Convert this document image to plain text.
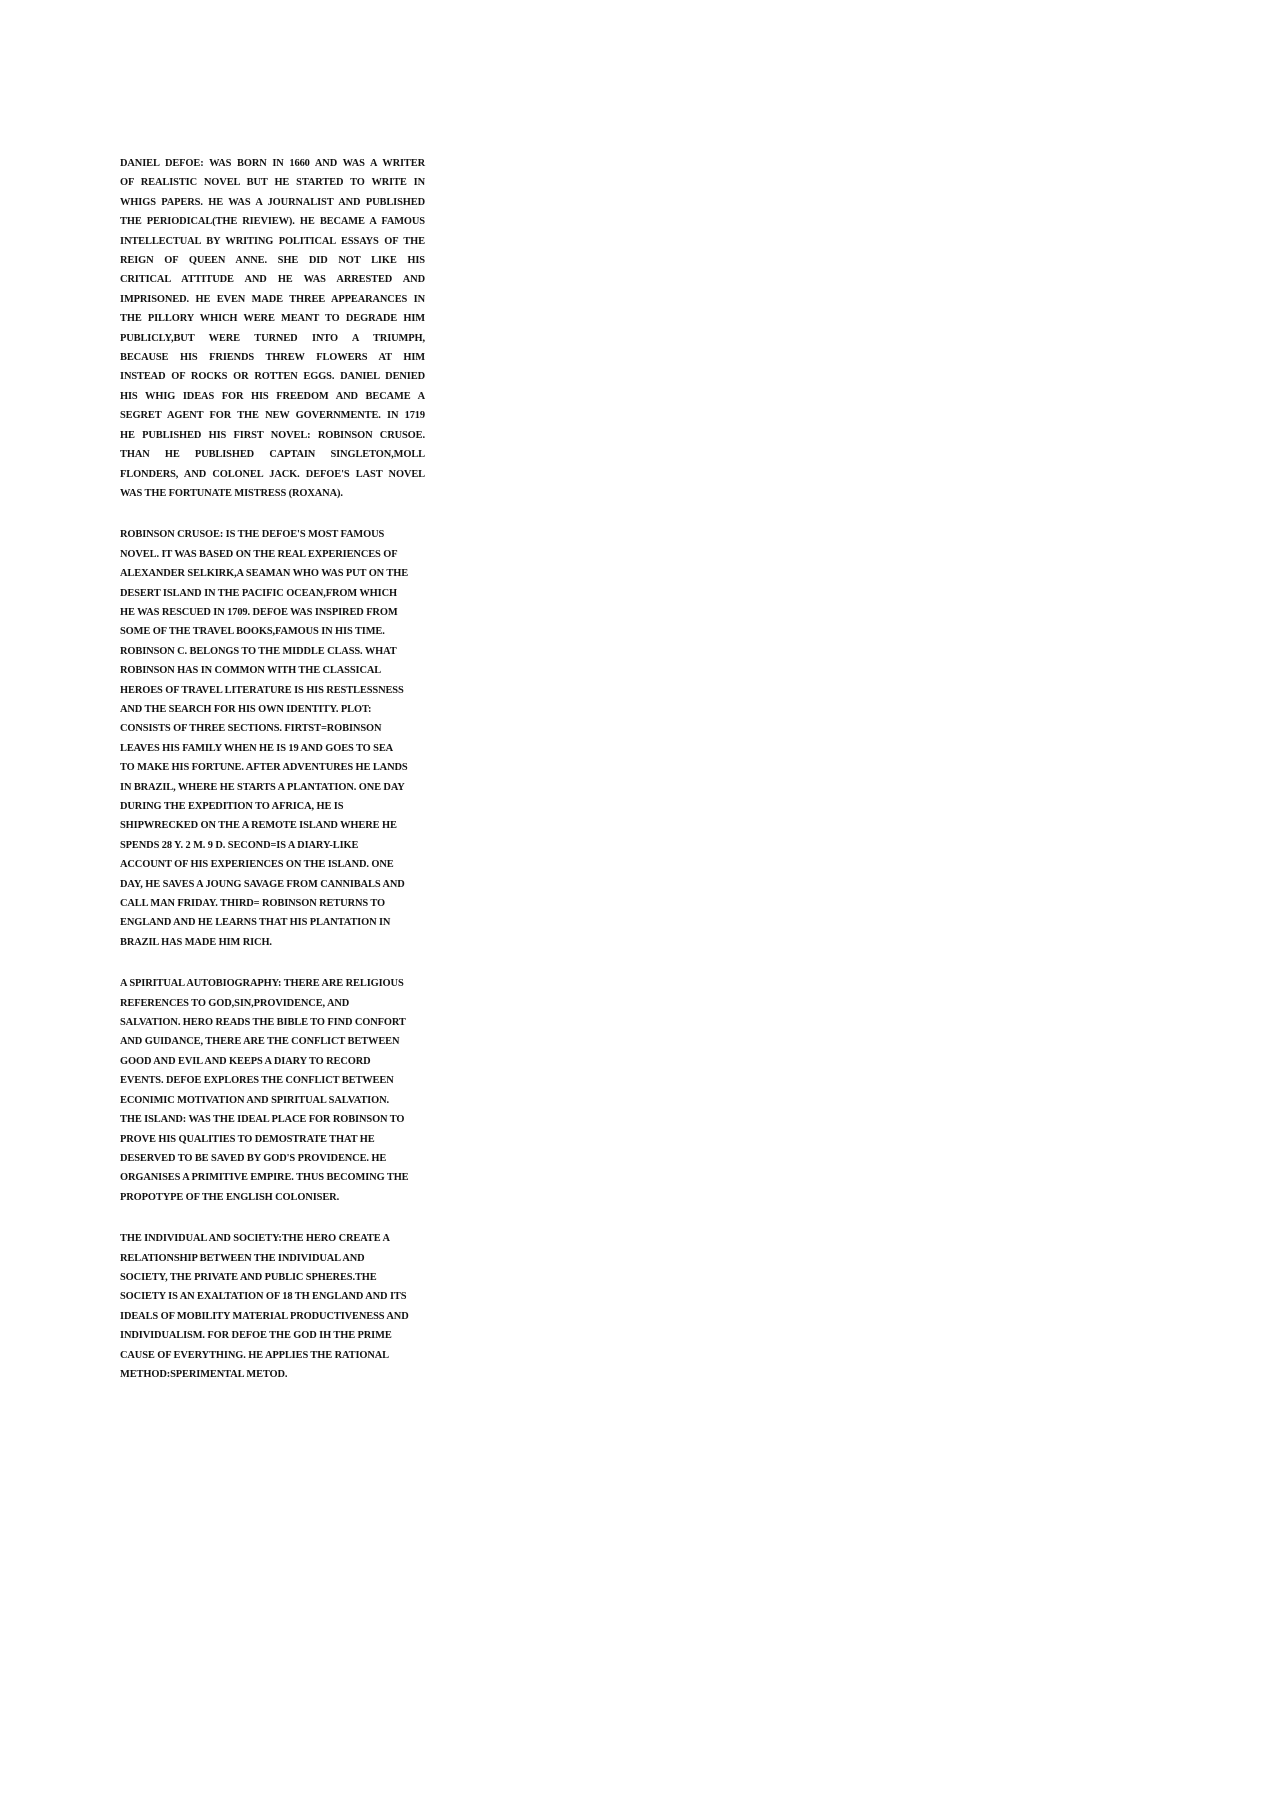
DANIEL DEFOE: WAS BORN IN 1660 AND WAS A WRITER
OF REALISTIC NOVEL BUT HE STARTED TO WRITE IN
WHIGS PAPERS. HE WAS A JOURNALIST AND PUBLISHED
THE PERIODICAL(THE RIEVIEW). HE BECAME A FAMOUS
INTELLECTUAL BY WRITING POLITICAL ESSAYS OF THE
REIGN OF QUEEN ANNE. SHE DID NOT LIKE HIS
CRITICAL ATTITUDE AND HE WAS ARRESTED AND
IMPRISONED. HE EVEN MADE THREE APPEARANCES IN
THE PILLORY WHICH WERE MEANT TO DEGRADE HIM
PUBLICLY,BUT WERE TURNED INTO A TRIUMPH,
BECAUSE HIS FRIENDS THREW FLOWERS AT HIM
INSTEAD OF ROCKS OR ROTTEN EGGS. DANIEL DENIED
HIS WHIG IDEAS FOR HIS FREEDOM AND BECAME A
SEGRET AGENT FOR THE NEW GOVERNMENTE. IN 1719
HE PUBLISHED HIS FIRST NOVEL: ROBINSON CRUSOE.
THAN HE PUBLISHED CAPTAIN SINGLETON,MOLL
FLONDERS, AND COLONEL JACK. DEFOE'S LAST NOVEL
WAS THE FORTUNATE MISTRESS (ROXANA).
ROBINSON CRUSOE: IS THE DEFOE'S MOST FAMOUS
NOVEL. IT WAS BASED ON THE REAL EXPERIENCES OF
ALEXANDER SELKIRK,A SEAMAN WHO WAS PUT ON THE
DESERT ISLAND IN THE PACIFIC OCEAN,FROM WHICH
HE WAS RESCUED IN 1709. DEFOE WAS INSPIRED FROM
SOME OF THE TRAVEL BOOKS,FAMOUS IN HIS TIME.
ROBINSON C. BELONGS TO THE MIDDLE CLASS. WHAT
ROBINSON HAS IN COMMON WITH THE CLASSICAL
HEROES OF TRAVEL LITERATURE IS HIS RESTLESSNESS
AND THE SEARCH FOR HIS OWN IDENTITY. PLOT:
CONSISTS OF THREE SECTIONS. FIRTST=ROBINSON
LEAVES HIS FAMILY WHEN HE IS 19 AND GOES TO SEA
TO MAKE HIS FORTUNE. AFTER ADVENTURES HE LANDS
IN BRAZIL, WHERE HE STARTS A PLANTATION. ONE DAY
DURING THE EXPEDITION TO AFRICA, HE IS
SHIPWRECKED ON THE A REMOTE ISLAND WHERE HE
SPENDS 28 Y. 2 M. 9 D. SECOND=IS A DIARY-LIKE
ACCOUNT OF HIS EXPERIENCES ON THE ISLAND. ONE
DAY, HE SAVES A JOUNG SAVAGE FROM CANNIBALS AND
CALL MAN FRIDAY. THIRD= ROBINSON RETURNS TO
ENGLAND AND HE LEARNS THAT HIS PLANTATION IN
BRAZIL HAS MADE HIM RICH.
A SPIRITUAL AUTOBIOGRAPHY: THERE ARE RELIGIOUS
REFERENCES TO GOD,SIN,PROVIDENCE, AND
SALVATION. HERO READS THE BIBLE TO FIND CONFORT
AND GUIDANCE, THERE ARE THE CONFLICT BETWEEN
GOOD AND EVIL AND KEEPS A DIARY TO RECORD
EVENTS. DEFOE EXPLORES THE CONFLICT BETWEEN
ECONIMIC MOTIVATION AND SPIRITUAL SALVATION.
THE ISLAND: WAS THE IDEAL PLACE FOR ROBINSON TO
PROVE HIS QUALITIES TO DEMOSTRATE THAT HE
DESERVED TO BE SAVED BY GOD'S PROVIDENCE. HE
ORGANISES A PRIMITIVE EMPIRE. THUS BECOMING THE
PROPOTYPE OF THE ENGLISH COLONISER.
THE INDIVIDUAL AND SOCIETY:THE HERO CREATE A
RELATIONSHIP BETWEEN THE INDIVIDUAL AND
SOCIETY, THE PRIVATE AND PUBLIC SPHERES.THE
SOCIETY IS AN EXALTATION OF 18 TH ENGLAND AND ITS
IDEALS OF MOBILITY MATERIAL PRODUCTIVENESS AND
INDIVIDUALISM. FOR DEFOE THE GOD IH THE PRIME
CAUSE OF EVERYTHING. HE APPLIES THE RATIONAL
METHOD:SPERIMENTAL METOD.
